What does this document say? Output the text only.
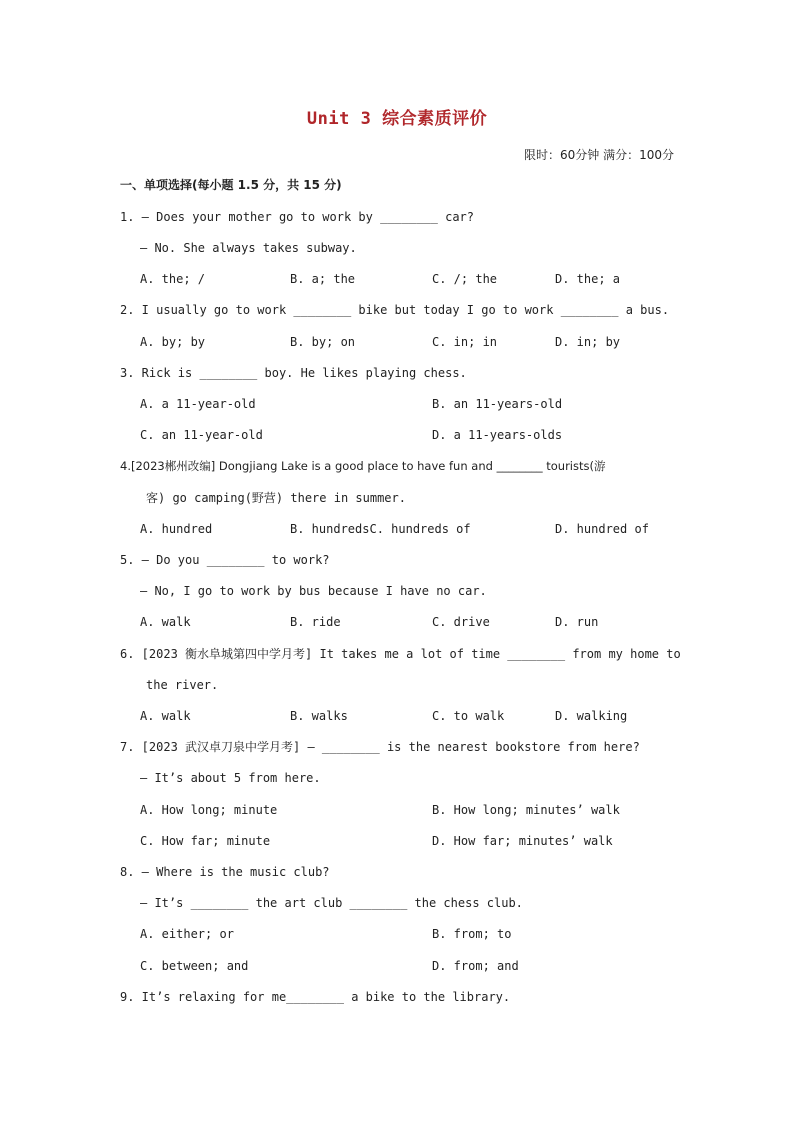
Unit 3 综合素质评价
限时：60分钟 满分：100分
一、单项选择(每小题 1.5 分，共 15 分)
1. — Does your mother go to work by ________ car?
— No. She always takes subway.
A. the; /	B. a; the	C. /; the	D. the; a
2. I usually go to work ________ bike but today I go to work ________ a bus.
A. by; by	B. by; on	C. in; in	D. in; by
3. Rick is ________ boy. He likes playing chess.
A. a 11-year-old	B. an 11-years-old
C. an 11-year-old	D. a 11-years-olds
4.[2023郴州改编] Dongjiang Lake is a good place to have fun and ________ tourists(游
客) go camping(野营) there in summer.
A. hundred	B. hundredsC. hundreds of	D. hundred of
5. — Do you ________ to work?
— No, I go to work by bus because I have no car.
A. walk	B. ride	C. drive	D. run
6. [2023 衡水阜城第四中学月考] It takes me a lot of time ________ from my home to
the river.
A. walk	B. walks	C. to walk	D. walking
7. [2023 武汉卓刀泉中学月考] — ________ is the nearest bookstore from here?
— It’s about 5 from here.
A. How long; minute	B. How long; minutes’ walk
C. How far; minute	D. How far; minutes’ walk
8. — Where is the music club?
— It’s ________ the art club ________ the chess club.
A. either; or	B. from; to
C. between; and	D. from; and
9. It’s relaxing for me________ a bike to the library.
